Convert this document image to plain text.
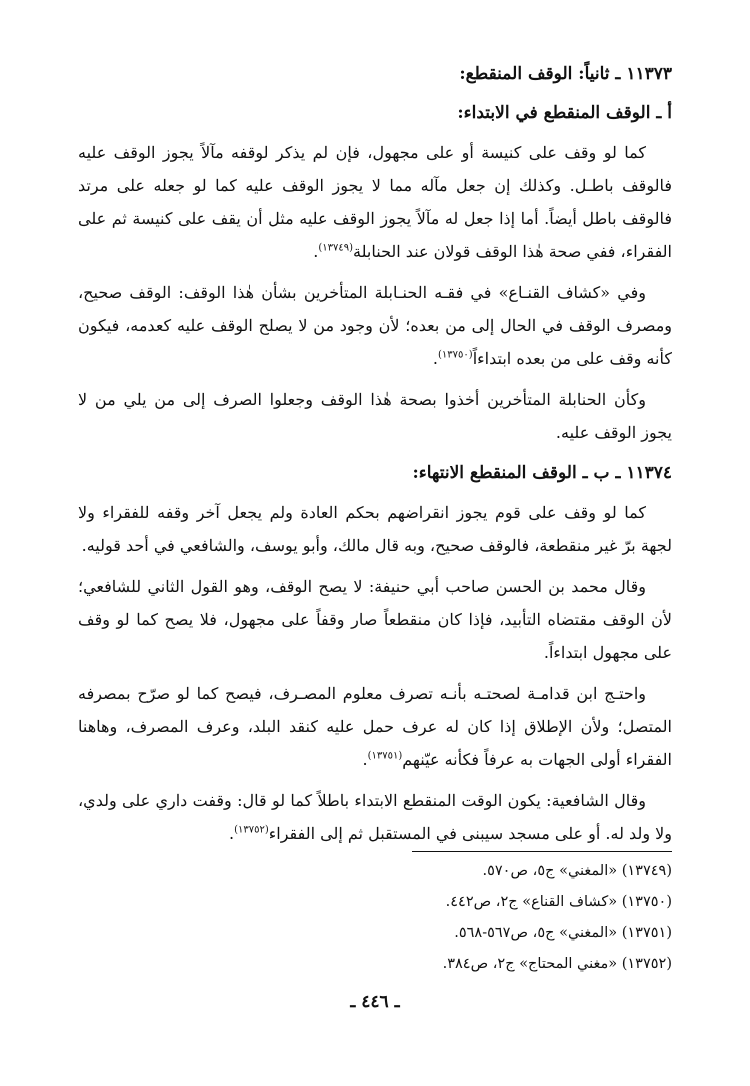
١١٣٧٣ ـ ثانياً: الوقف المنقطع:
أ ـ الوقف المنقطع في الابتداء:

كما لو وقف على كنيسة أو على مجهول، فإن لم يذكر لوقفه مآلاً يجوز الوقف عليه فالوقف باطـل. وكذلك إن جعل مآله مما لا يجوز الوقف عليه كما لو جعله على مرتد فالوقف باطل أيضاً. أما إذا جعل له مآلاً يجوز الوقف عليه مثل أن يقف على كنيسة ثم على الفقراء، ففي صحة هٰذا الوقف قولان عند الحنابلة$^{(١٣٧٤٩)}$.

وفي «كشاف القنـاع» في فقـه الحنـابلة المتأخرين بشأن هٰذا الوقف: الوقف صحيح، ومصرف الوقف في الحال إلى من بعده؛ لأن وجود من لا يصلح الوقف عليه كعدمه، فيكون كأنه وقف على من بعده ابتداءاً$^{(١٣٧٥٠)}$.

وكأن الحنابلة المتأخرين أخذوا بصحة هٰذا الوقف وجعلوا الصرف إلى من يلي من لا يجوز الوقف عليه.

١١٣٧٤ ـ ب ـ الوقف المنقطع الانتهاء:

كما لو وقف على قوم يجوز انقراضهم بحكم العادة ولم يجعل آخر وقفه للفقراء ولا لجهة برّ غير منقطعة، فالوقف صحيح، وبه قال مالك، وأبو يوسف، والشافعي في أحد قوليه.

وقال محمد بن الحسن صاحب أبي حنيفة: لا يصح الوقف، وهو القول الثاني للشافعي؛ لأن الوقف مقتضاه التأبيد، فإذا كان منقطعاً صار وقفاً على مجهول، فلا يصح كما لو وقف على مجهول ابتداءاً.

واحتـج ابن قدامـة لصحتـه بأنـه تصرف معلوم المصـرف، فيصح كما لو صرّح بمصرفه المتصل؛ ولأن الإطلاق إذا كان له عرف حمل عليه كنقد البلد، وعرف المصرف، وهاهنا الفقراء أولى الجهات به عرفاً فكأنه عيّنهم$^{(١٣٧٥١)}$.

وقال الشافعية: يكون الوقت المنقطع الابتداء باطلاً كما لو قال: وقفت داري على ولدي، ولا ولد له. أو على مسجد سيبنى في المستقبل ثم إلى الفقراء$^{(١٣٧٥٢)}$.

(١٣٧٤٩) «المغني» ج٥، ص٥٧٠.

(١٣٧٥٠) «كشاف القناع» ج٢، ص٤٤٢.

(١٣٧٥١) «المغني» ج٥، ص٥٦٧-٥٦٨.

(١٣٧٥٢) «مغني المحتاج» ج٢، ص٣٨٤.

ـ ٤٤٦ ـ
